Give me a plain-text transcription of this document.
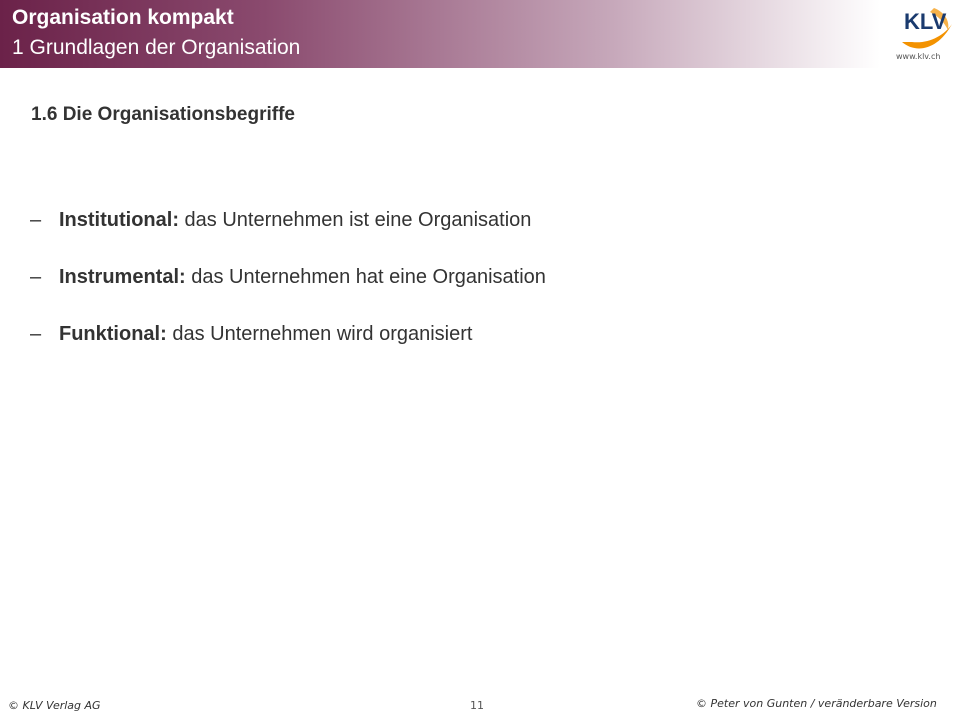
Organisation kompakt
1 Grundlagen der Organisation
KLV
www.klv.ch
1.6 Die Organisationsbegriffe
– Institutional: das Unternehmen ist eine Organisation
– Instrumental: das Unternehmen hat eine Organisation
– Funktional: das Unternehmen wird organisiert
© KLV Verlag AG	11	© Peter von Gunten / veränderbare Version
